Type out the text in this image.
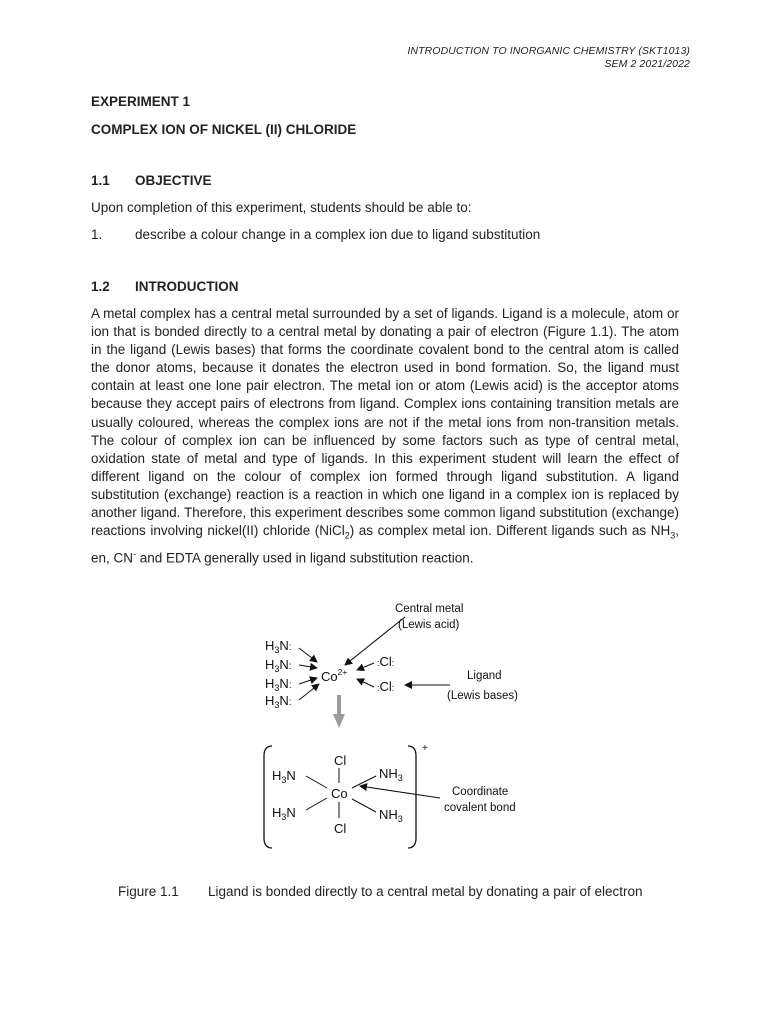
INTRODUCTION TO INORGANIC CHEMISTRY (SKT1013)
SEM 2 2021/2022
EXPERIMENT 1
COMPLEX ION OF NICKEL (II) CHLORIDE
1.1 OBJECTIVE
Upon completion of this experiment, students should be able to:
1. describe a colour change in a complex ion due to ligand substitution
1.2 INTRODUCTION
A metal complex has a central metal surrounded by a set of ligands. Ligand is a molecule, atom or ion that is bonded directly to a central metal by donating a pair of electron (Figure 1.1). The atom in the ligand (Lewis bases) that forms the coordinate covalent bond to the central atom is called the donor atoms, because it donates the electron used in bond formation. So, the ligand must contain at least one lone pair electron. The metal ion or atom (Lewis acid) is the acceptor atoms because they accept pairs of electrons from ligand. Complex ions containing transition metals are usually coloured, whereas the complex ions are not if the metal ions from non-transition metals. The colour of complex ion can be influenced by some factors such as type of central metal, oxidation state of metal and type of ligands. In this experiment student will learn the effect of different ligand on the colour of complex ion formed through ligand substitution. A ligand substitution (exchange) reaction is a reaction in which one ligand in a complex ion is replaced by another ligand. Therefore, this experiment describes some common ligand substitution (exchange) reactions involving nickel(II) chloride (NiCl$_2$) as complex metal ion. Different ligands such as $NH_3$, en, CN- and EDTA generally used in ligand substitution reaction.
Central metal
(Lewis acid)
$H_3N$:
$H_3N$:
$H_3N$:
$H_3N$:
$Co^{2+}$
:Cl:
:Cl:
Ligand
(Lewis bases)
+
Cl
Co
Cl
$H_3N$
$H_3N$
$NH_3$
$NH_3$
Coordinate
covalent bond
Figure 1.1 Ligand is bonded directly to a central metal by donating a pair of electron
